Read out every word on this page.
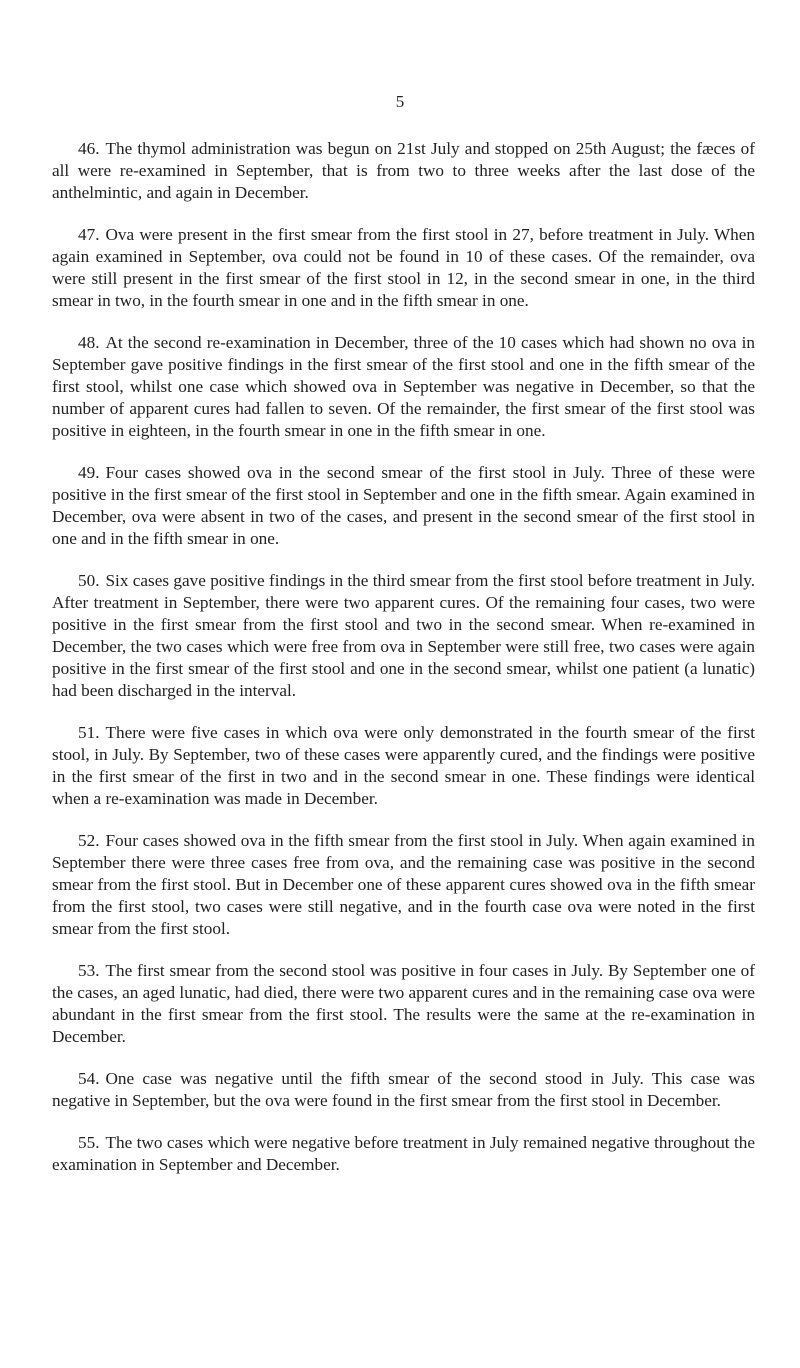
5

46. The thymol administration was begun on 21st July and stopped on 25th August; the fæces of all were re-examined in September, that is from two to three weeks after the last dose of the anthelmintic, and again in December.

47. Ova were present in the first smear from the first stool in 27, before treatment in July. When again examined in September, ova could not be found in 10 of these cases. Of the remainder, ova were still present in the first smear of the first stool in 12, in the second smear in one, in the third smear in two, in the fourth smear in one and in the fifth smear in one.

48. At the second re-examination in December, three of the 10 cases which had shown no ova in September gave positive findings in the first smear of the first stool and one in the fifth smear of the first stool, whilst one case which showed ova in September was negative in December, so that the number of apparent cures had fallen to seven. Of the remainder, the first smear of the first stool was positive in eighteen, in the fourth smear in one in the fifth smear in one.

49. Four cases showed ova in the second smear of the first stool in July. Three of these were positive in the first smear of the first stool in September and one in the fifth smear. Again examined in December, ova were absent in two of the cases, and present in the second smear of the first stool in one and in the fifth smear in one.

50. Six cases gave positive findings in the third smear from the first stool before treatment in July. After treatment in September, there were two apparent cures. Of the remaining four cases, two were positive in the first smear from the first stool and two in the second smear. When re-examined in December, the two cases which were free from ova in September were still free, two cases were again positive in the first smear of the first stool and one in the second smear, whilst one patient (a lunatic) had been discharged in the interval.

51. There were five cases in which ova were only demonstrated in the fourth smear of the first stool, in July. By September, two of these cases were apparently cured, and the findings were positive in the first smear of the first in two and in the second smear in one. These findings were identical when a re-examination was made in December.

52. Four cases showed ova in the fifth smear from the first stool in July. When again examined in September there were three cases free from ova, and the remaining case was positive in the second smear from the first stool. But in December one of these apparent cures showed ova in the fifth smear from the first stool, two cases were still negative, and in the fourth case ova were noted in the first smear from the first stool.

53. The first smear from the second stool was positive in four cases in July. By September one of the cases, an aged lunatic, had died, there were two apparent cures and in the remaining case ova were abundant in the first smear from the first stool. The results were the same at the re-examination in December.

54. One case was negative until the fifth smear of the second stood in July. This case was negative in September, but the ova were found in the first smear from the first stool in December.

55. The two cases which were negative before treatment in July remained negative throughout the examination in September and December.
